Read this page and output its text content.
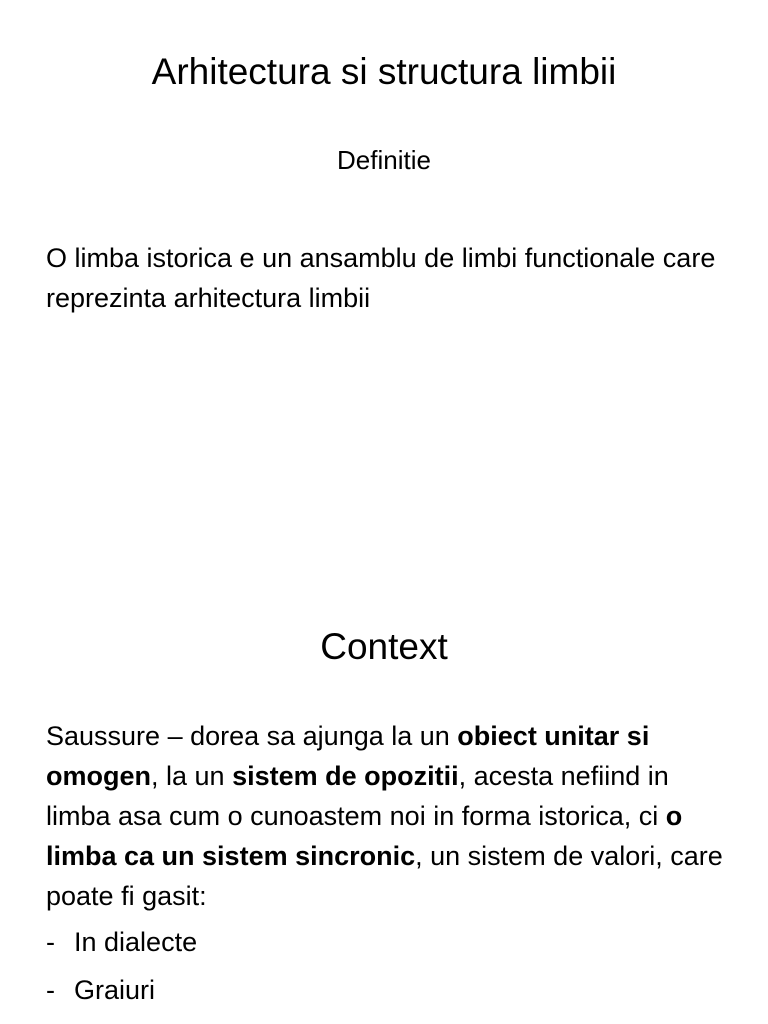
Arhitectura si structura limbii
Definitie
O limba istorica e un ansamblu de limbi functionale care reprezinta arhitectura limbii
Context
Saussure – dorea sa ajunga la un obiect unitar si omogen, la un sistem de opozitii, acesta nefiind in limba asa cum o cunoastem noi in forma istorica, ci o limba ca un sistem sincronic, un sistem de valori, care poate fi gasit:
- In dialecte
- Graiuri
